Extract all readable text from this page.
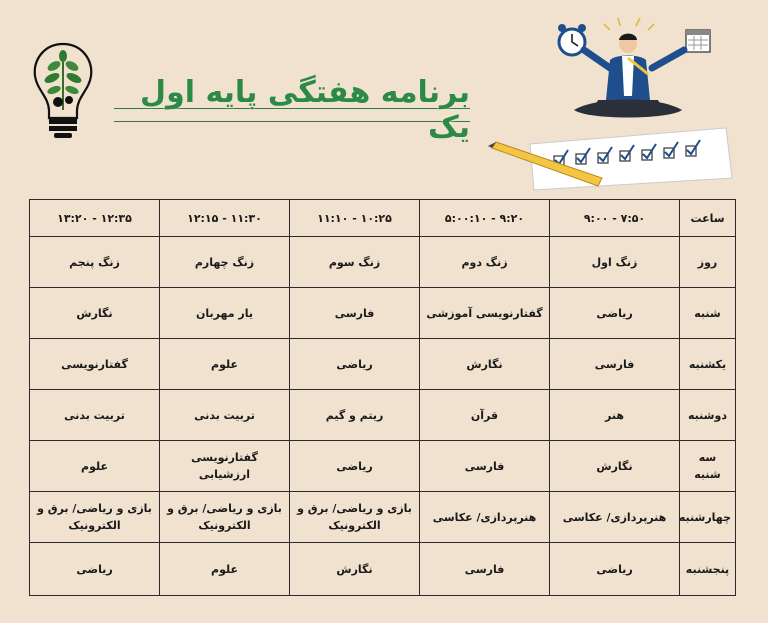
برنامه هفتگی پایه اول یک
ساعت	۷:۵۰ - ۹:۰۰	۹:۲۰ - ۵:۰۰:۱۰	۱۰:۲۵ - ۱۱:۱۰	۱۱:۳۰ - ۱۲:۱۵	۱۲:۳۵ - ۱۳:۲۰
روز	زنگ اول	زنگ دوم	زنگ سوم	زنگ چهارم	زنگ پنجم
شنبه	ریاضی	گفتارنویسی آموزشی	فارسی	یار مهربان	نگارش
یکشنبه	فارسی	نگارش	ریاضی	علوم	گفتارنویسی
دوشنبه	هنر	قرآن	ریتم و گیم	تربیت بدنی	تربیت بدنی
سه شنبه	نگارش	فارسی	ریاضی	گفتارنویسی ارزشیابی	علوم
چهارشنبه	هنرپردازی/ عکاسی	هنرپردازی/ عکاسی	بازی و ریاضی/ برق و الکترونیک	بازی و ریاضی/ برق و الکترونیک	بازی و ریاضی/ برق و الکترونیک
پنجشنبه	ریاضی	فارسی	نگارش	علوم	ریاضی
